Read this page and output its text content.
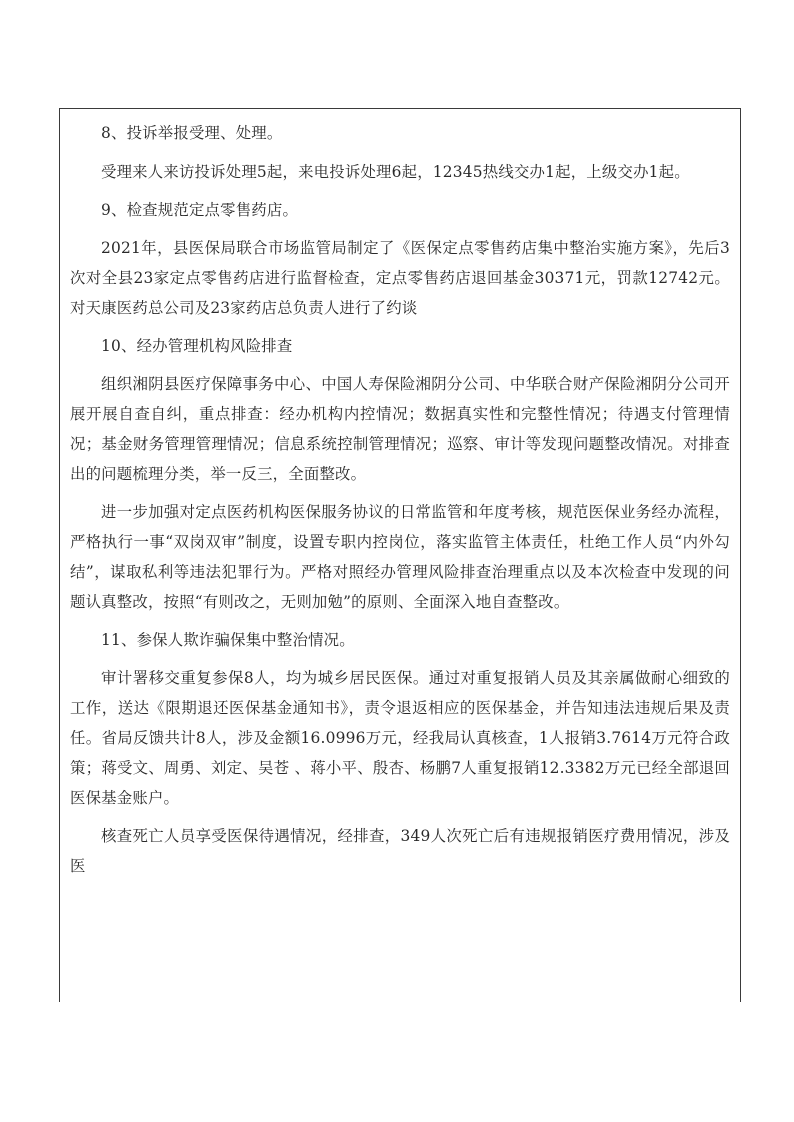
8、投诉举报受理、处理。

受理来人来访投诉处理5起，来电投诉处理6起，12345热线交办1起，上级交办1起。

9、检查规范定点零售药店。

2021年，县医保局联合市场监管局制定了《医保定点零售药店集中整治实施方案》，先后3次对全县23家定点零售药店进行监督检查，定点零售药店退回基金30371元，罚款12742元。对天康医药总公司及23家药店总负责人进行了约谈

10、经办管理机构风险排查

组织湘阴县医疗保障事务中心、中国人寿保险湘阴分公司、中华联合财产保险湘阴分公司开展开展自查自纠，重点排查：经办机构内控情况；数据真实性和完整性情况；待遇支付管理情况；基金财务管理管理情况；信息系统控制管理情况；巡察、审计等发现问题整改情况。对排查出的问题梳理分类，举一反三，全面整改。

进一步加强对定点医药机构医保服务协议的日常监管和年度考核，规范医保业务经办流程，严格执行一事“双岗双审”制度，设置专职内控岗位，落实监管主体责任，杜绝工作人员“内外勾结”，谋取私利等违法犯罪行为。严格对照经办管理风险排查治理重点以及本次检查中发现的问题认真整改，按照“有则改之，无则加勉”的原则、全面深入地自查整改。

11、参保人欺诈骗保集中整治情况。

审计署移交重复参保8人，均为城乡居民医保。通过对重复报销人员及其亲属做耐心细致的工作，送达《限期退还医保基金通知书》，责令退返相应的医保基金，并告知违法违规后果及责任。省局反馈共计8人，涉及金额16.0996万元，经我局认真核查，1人报销3.7614万元符合政策；蒋受文、周勇、刘定、吴苍 、蒋小平、殷杏、杨鹏7人重复报销12.3382万元已经全部退回医保基金账户。

核查死亡人员享受医保待遇情况，经排查，349人次死亡后有违规报销医疗费用情况，涉及医
